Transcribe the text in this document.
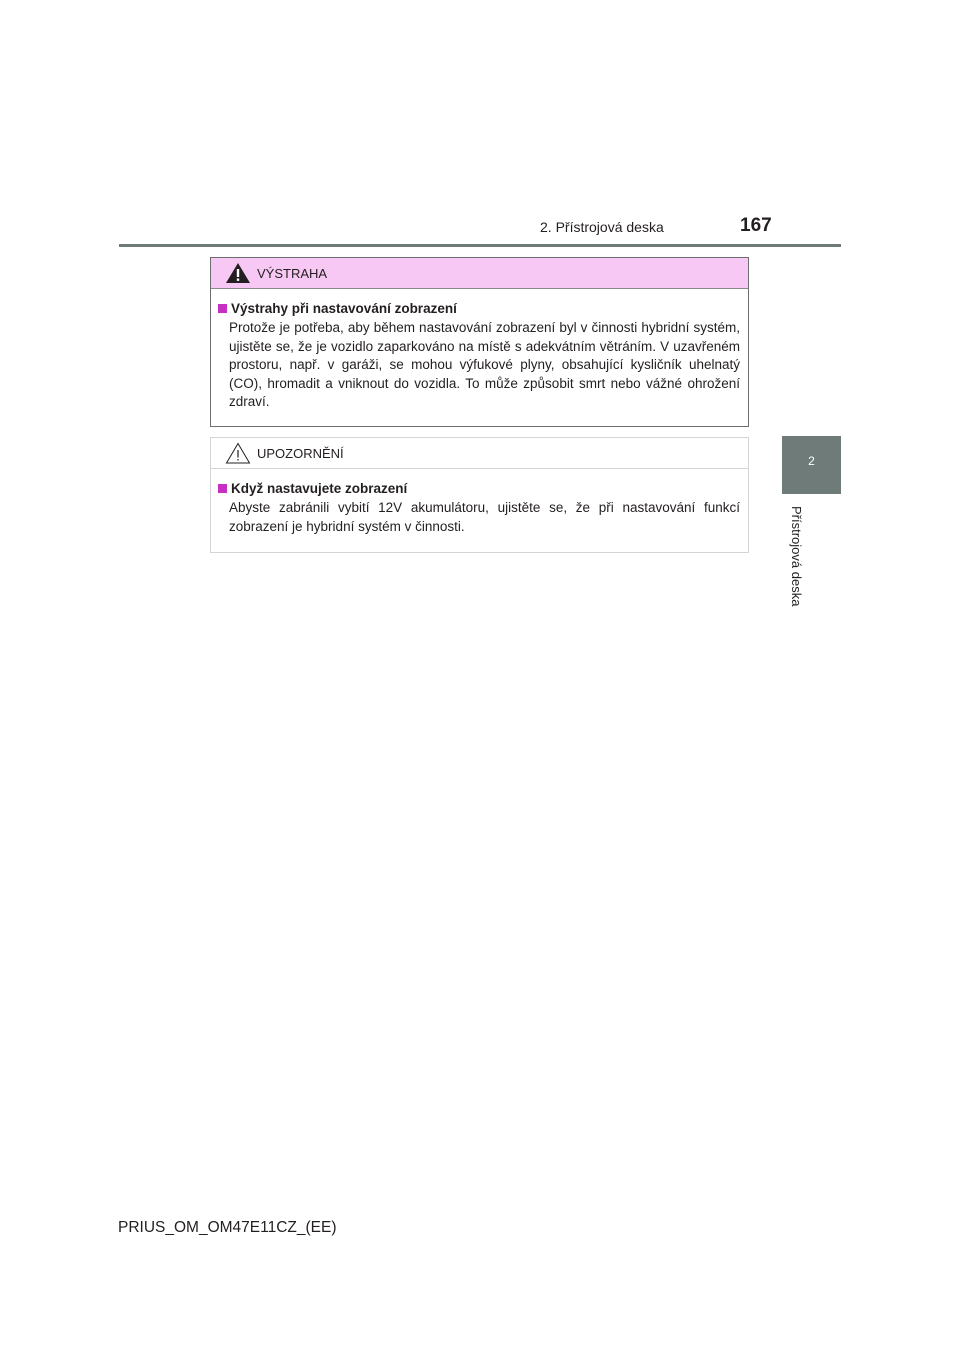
2. Přístrojová deska	167
2
Přístrojová deska
VÝSTRAHA
Výstrahy při nastavování zobrazení
Protože je potřeba, aby během nastavování zobrazení byl v činnosti hybridní systém, ujistěte se, že je vozidlo zaparkováno na místě s adekvátním větráním. V uzavřeném prostoru, např. v garáži, se mohou výfukové plyny, obsahující kysličník uhelnatý (CO), hromadit a vniknout do vozidla. To může způsobit smrt nebo vážné ohrožení zdraví.
UPOZORNĚNÍ
Když nastavujete zobrazení
Abyste zabránili vybití 12V akumulátoru, ujistěte se, že při nastavování funkcí zobrazení je hybridní systém v činnosti.
PRIUS_OM_OM47E11CZ_(EE)
